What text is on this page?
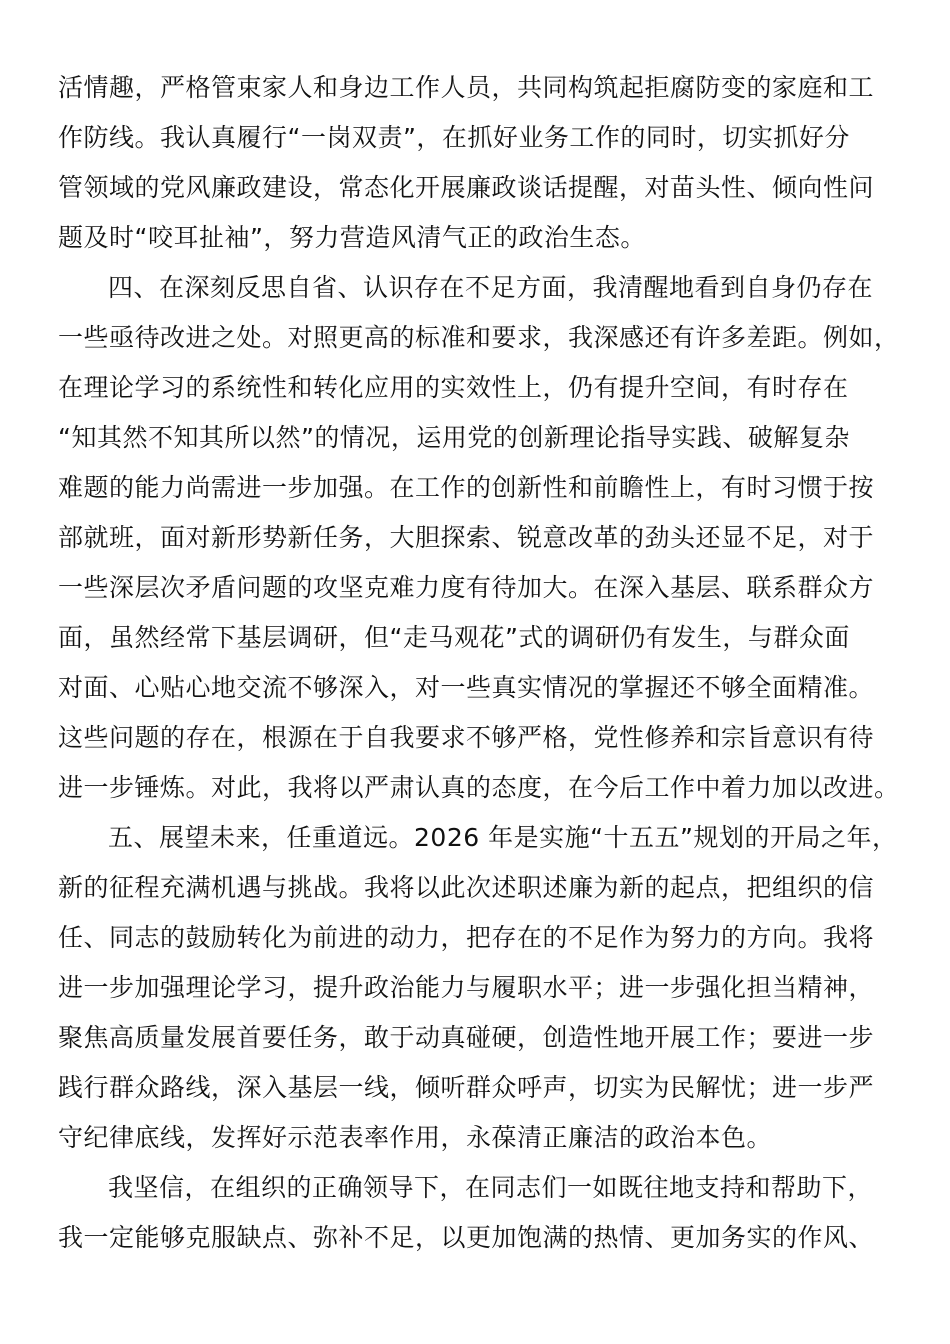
活情趣，严格管束家人和身边工作人员，共同构筑起拒腐防变的家庭和工
作防线。我认真履行“一岗双责”，在抓好业务工作的同时，切实抓好分
管领域的党风廉政建设，常态化开展廉政谈话提醒，对苗头性、倾向性问
题及时“咬耳扯袖”，努力营造风清气正的政治生态。
四、在深刻反思自省、认识存在不足方面，我清醒地看到自身仍存在
一些亟待改进之处。对照更高的标准和要求，我深感还有许多差距。例如，
在理论学习的系统性和转化应用的实效性上，仍有提升空间，有时存在
“知其然不知其所以然”的情况，运用党的创新理论指导实践、破解复杂
难题的能力尚需进一步加强。在工作的创新性和前瞻性上，有时习惯于按
部就班，面对新形势新任务，大胆探索、锐意改革的劲头还显不足，对于
一些深层次矛盾问题的攻坚克难力度有待加大。在深入基层、联系群众方
面，虽然经常下基层调研，但“走马观花”式的调研仍有发生，与群众面
对面、心贴心地交流不够深入，对一些真实情况的掌握还不够全面精准。
这些问题的存在，根源在于自我要求不够严格，党性修养和宗旨意识有待
进一步锤炼。对此，我将以严肃认真的态度，在今后工作中着力加以改进。
五、展望未来，任重道远。2026 年是实施“十五五”规划的开局之年，
新的征程充满机遇与挑战。我将以此次述职述廉为新的起点，把组织的信
任、同志的鼓励转化为前进的动力，把存在的不足作为努力的方向。我将
进一步加强理论学习，提升政治能力与履职水平；进一步强化担当精神，
聚焦高质量发展首要任务，敢于动真碰硬，创造性地开展工作；要进一步
践行群众路线，深入基层一线，倾听群众呼声，切实为民解忧；进一步严
守纪律底线，发挥好示范表率作用，永葆清正廉洁的政治本色。
我坚信，在组织的正确领导下，在同志们一如既往地支持和帮助下，
我一定能够克服缺点、弥补不足，以更加饱满的热情、更加务实的作风、
